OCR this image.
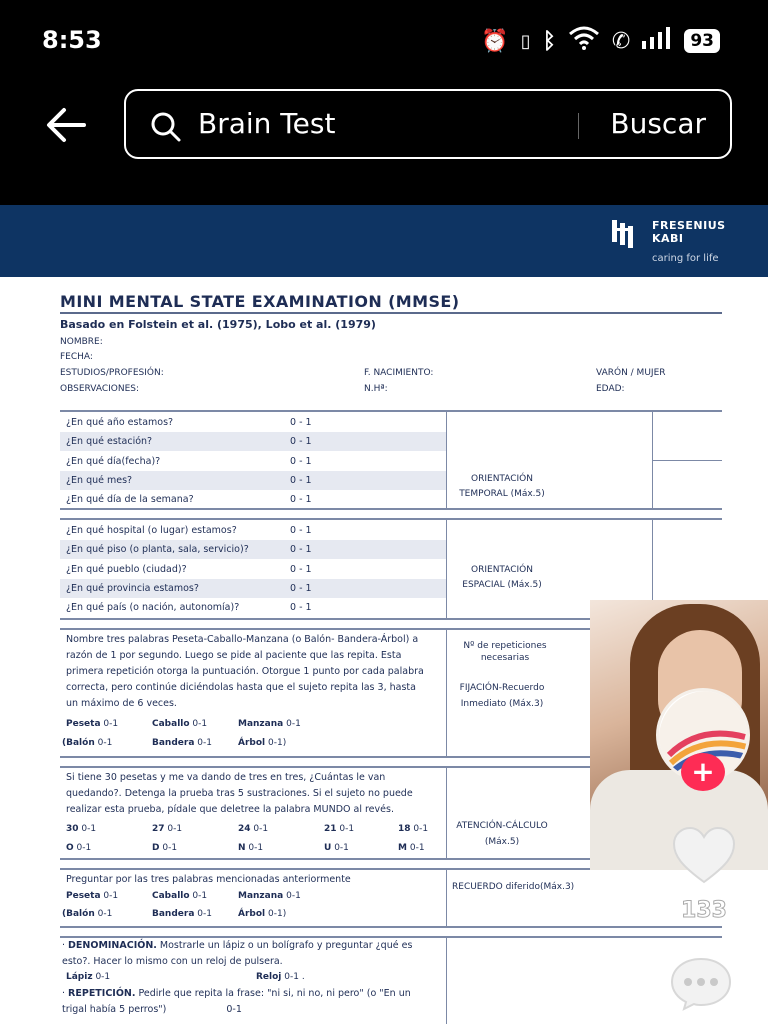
8:53	⏰ ▯ ᛒ	✆	93
Brain Test	Buscar
FRESENIUS
KABI
caring for life
MINI MENTAL STATE EXAMINATION (MMSE)
Basado en Folstein et al. (1975), Lobo et al. (1979)
NOMBRE:
FECHA:
ESTUDIOS/PROFESIÓN:
OBSERVACIONES:
F. NACIMIENTO:
N.Hª:
VARÓN / MUJER
EDAD:
¿En qué año estamos?	0 - 1
¿En qué estación?	0 - 1
¿En qué día(fecha)?	0 - 1
¿En qué mes?	0 - 1
¿En qué día de la semana?	0 - 1
ORIENTACIÓN
TEMPORAL (Máx.5)
¿En qué hospital (o lugar) estamos?	0 - 1
¿En qué piso (o planta, sala, servicio)?	0 - 1
¿En qué pueblo (ciudad)?	0 - 1
¿En qué provincia estamos?	0 - 1
¿En qué país (o nación, autonomía)?	0 - 1
ORIENTACIÓN
ESPACIAL (Máx.5)
Nombre tres palabras Peseta-Caballo-Manzana (o Balón- Bandera-Árbol) a
razón de 1 por segundo. Luego se pide al paciente que las repita. Esta
primera repetición otorga la puntuación. Otorgue 1 punto por cada palabra
correcta, pero continúe diciéndolas hasta que el sujeto repita las 3, hasta
un máximo de 6 veces.
Peseta 0-1	Caballo 0-1	Manzana 0-1
(Balón 0-1	Bandera 0-1	Árbol 0-1)
Nº de repeticiones
necesarias
FIJACIÓN-Recuerdo
Inmediato (Máx.3)
Si tiene 30 pesetas y me va dando de tres en tres, ¿Cuántas le van
quedando?. Detenga la prueba tras 5 sustraciones. Si el sujeto no puede
realizar esta prueba, pídale que deletree la palabra MUNDO al revés.
30 0-1	27 0-1	24 0-1	21 0-1	18 0-1
O 0-1	D 0-1	N 0-1	U 0-1	M 0-1
ATENCIÓN-CÁLCULO
(Máx.5)
Preguntar por las tres palabras mencionadas anteriormente
Peseta 0-1	Caballo 0-1	Manzana 0-1
(Balón 0-1	Bandera 0-1	Árbol 0-1)
RECUERDO diferido(Máx.3)
· DENOMINACIÓN. Mostrarle un lápiz o un bolígrafo y preguntar ¿qué es
esto?. Hacer lo mismo con un reloj de pulsera.
Lápiz 0-1	Reloj 0-1 .
· REPETICIÓN. Pedirle que repita la frase: "ni si, ni no, ni pero" (o "En un
trigal había 5 perros")	0-1
+
133
